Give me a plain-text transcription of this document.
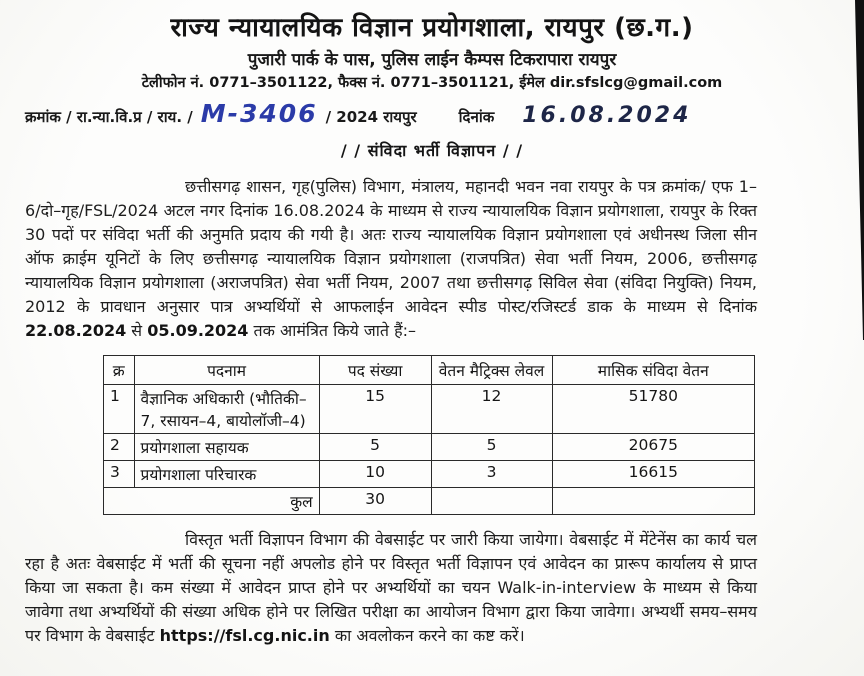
राज्य न्यायालयिक विज्ञान प्रयोगशाला, रायपुर (छ.ग.)
पुजारी पार्क के पास, पुलिस लाईन कैम्पस टिकरापारा रायपुर
टेलीफोन नं. 0771–3501122, फैक्स नं. 0771–3501121, ईमेल dir.sfslcg@gmail.com
क्रमांक / रा.न्या.वि.प्र / राय. / M-3406 / 2024 रायपुर	दिनांक 16.08.2024
/ / संविदा भर्ती विज्ञापन / /

छत्तीसगढ़ शासन, गृह(पुलिस) विभाग, मंत्रालय, महानदी भवन नवा रायपुर के पत्र क्रमांक/ एफ 1–6/दो–गृह/FSL/2024 अटल नगर दिनांक 16.08.2024 के माध्यम से राज्य न्यायालयिक विज्ञान प्रयोगशाला, रायपुर के रिक्त 30 पदों पर संविदा भर्ती की अनुमति प्रदाय की गयी है। अतः राज्य न्यायालयिक विज्ञान प्रयोगशाला एवं अधीनस्थ जिला सीन ऑफ क्राईम यूनिटों के लिए छत्तीसगढ़ न्यायालयिक विज्ञान प्रयोगशाला (राजपत्रित) सेवा भर्ती नियम, 2006, छत्तीसगढ़ न्यायालयिक विज्ञान प्रयोगशाला (अराजपत्रित) सेवा भर्ती नियम, 2007 तथा छत्तीसगढ़ सिविल सेवा (संविदा नियुक्ति) नियम, 2012 के प्रावधान अनुसार पात्र अभ्यर्थियों से आफलाईन आवेदन स्पीड पोस्ट/रजिस्टर्ड डाक के माध्यम से दिनांक 22.08.2024 से 05.09.2024 तक आमंत्रित किये जाते हैं:–

क्र	पदनाम	पद संख्या	वेतन मैट्रिक्स लेवल	मासिक संविदा वेतन
1	वैज्ञानिक अधिकारी (भौतिकी–7, रसायन–4, बायोलॉजी–4)	15	12	51780
2	प्रयोगशाला सहायक	5	5	20675
3	प्रयोगशाला परिचारक	10	3	16615
कुल		30		

विस्तृत भर्ती विज्ञापन विभाग की वेबसाईट पर जारी किया जायेगा। वेबसाईट में मेंटेनेंस का कार्य चल रहा है अतः वेबसाईट में भर्ती की सूचना नहीं अपलोड होने पर विस्तृत भर्ती विज्ञापन एवं आवेदन का प्रारूप कार्यालय से प्राप्त किया जा सकता है। कम संख्या में आवेदन प्राप्त होने पर अभ्यर्थियों का चयन Walk-in-interview के माध्यम से किया जावेगा तथा अभ्यर्थियों की संख्या अधिक होने पर लिखित परीक्षा का आयोजन विभाग द्वारा किया जावेगा। अभ्यर्थी समय–समय पर विभाग के वेबसाईट https://fsl.cg.nic.in का अवलोकन करने का कष्ट करें।
